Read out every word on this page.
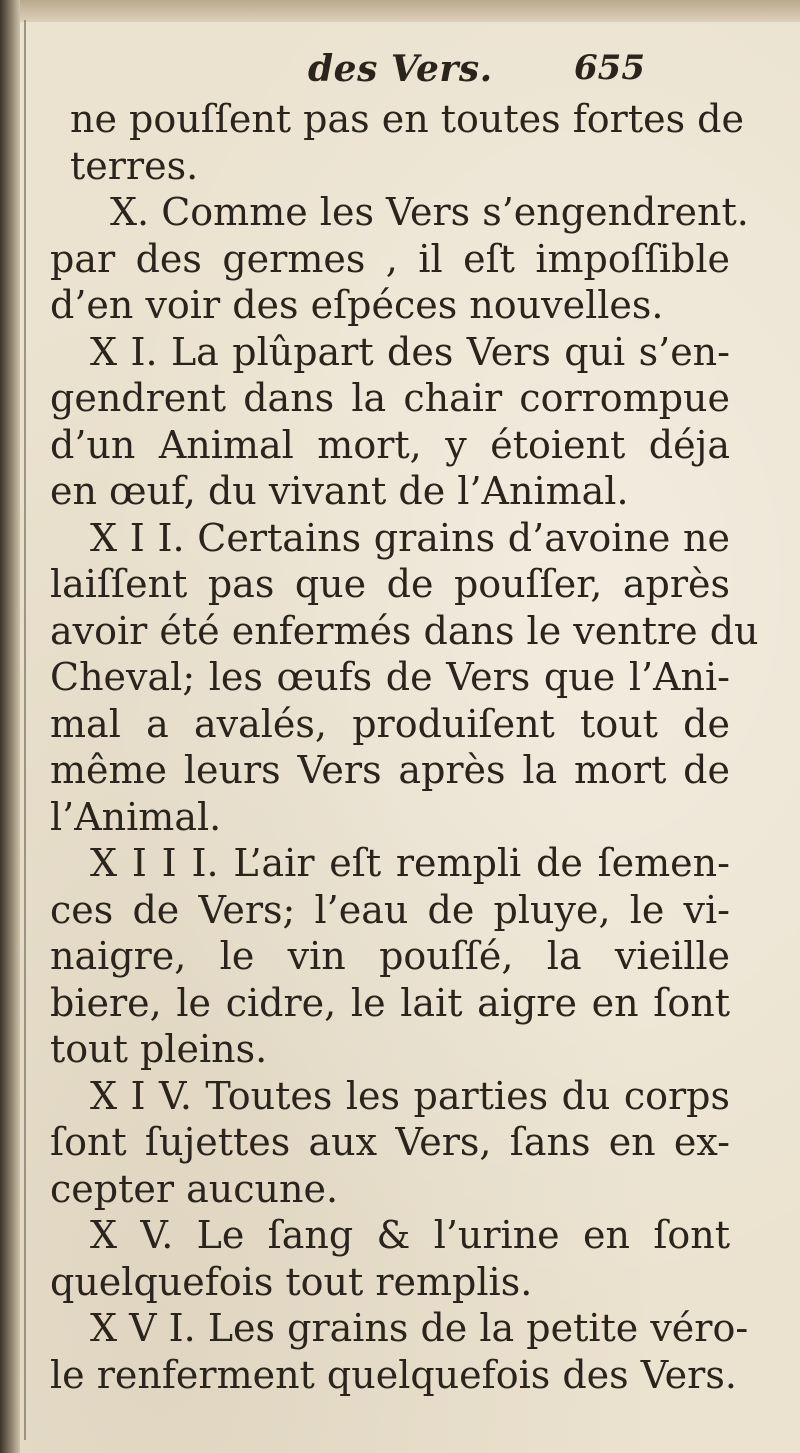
des Vers. 655
ne pouſſent pas en toutes fortes de
terres.
X. Comme les Vers s’engendrent.
par des germes , il eſt impoſſible
d’en voir des eſpéces nouvelles.
X I. La plûpart des Vers qui s’en-
gendrent dans la chair corrompue
d’un Animal mort, y étoient déja
en œuf, du vivant de l’Animal.
X I I. Certains grains d’avoine ne
laiſſent pas que de pouſſer, après
avoir été enfermés dans le ventre du
Cheval; les œufs de Vers que l’Ani-
mal a avalés, produiſent tout de
même leurs Vers après la mort de
l’Animal.
X I I I. L’air eſt rempli de ſemen-
ces de Vers; l’eau de pluye, le vi-
naigre, le vin pouſſé, la vieille
biere, le cidre, le lait aigre en ſont
tout pleins.
X I V. Toutes les parties du corps
ſont ſujettes aux Vers, ſans en ex-
cepter aucune.
X V. Le ſang & l’urine en ſont
quelquefois tout remplis.
X V I. Les grains de la petite véro-
le renferment quelquefois des Vers.
